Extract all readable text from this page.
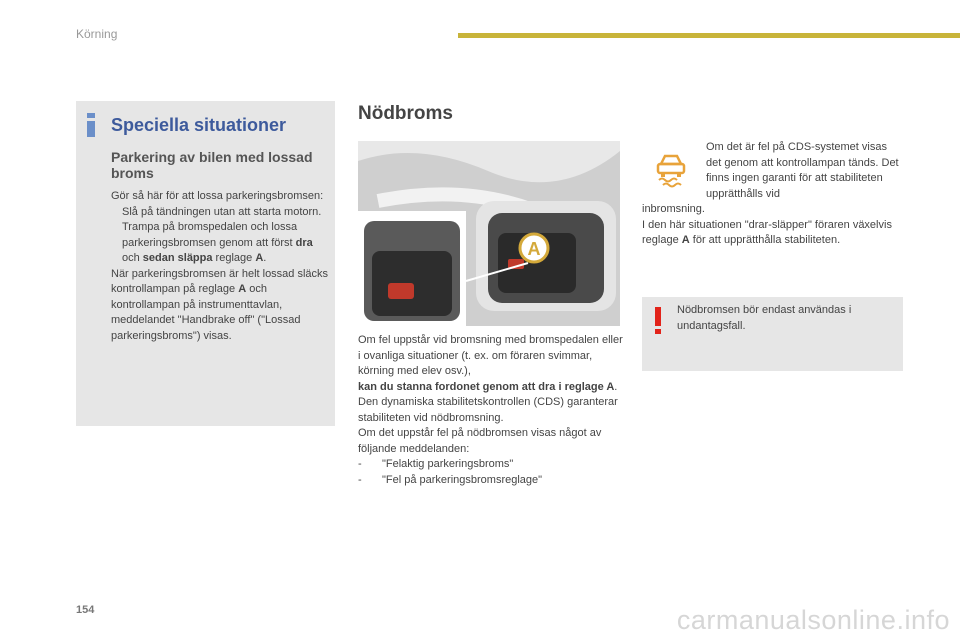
Körning
Speciella situationer
Parkering av bilen med lossad broms
Gör så här för att lossa parkeringsbromsen:
Slå på tändningen utan att starta motorn.
Trampa på bromspedalen och lossa parkeringsbromsen genom att först dra och sedan släppa reglage A.
När parkeringsbromsen är helt lossad släcks kontrollampan på reglage A och kontrollampan på instrumenttavlan, meddelandet "Handbrake off" ("Lossad parkeringsbroms") visas.
Nödbroms
A
Om fel uppstår vid bromsning med bromspedalen eller i ovanliga situationer (t. ex. om föraren svimmar, körning med elev osv.),
kan du stanna fordonet genom att dra i reglage A.
Den dynamiska stabilitetskontrollen (CDS) garanterar stabiliteten vid nödbromsning.
Om det uppstår fel på nödbromsen visas något av följande meddelanden:
- "Felaktig parkeringsbroms"
- "Fel på parkeringsbromsreglage"
Om det är fel på CDS-systemet visas det genom att kontrollampan tänds. Det finns ingen garanti för att stabiliteten upprätthålls vid
inbromsning.
I den här situationen "drar-släpper" föraren växelvis reglage A för att upprätthålla stabiliteten.
Nödbromsen bör endast användas i undantagsfall.
154	carmanualsonline.info
